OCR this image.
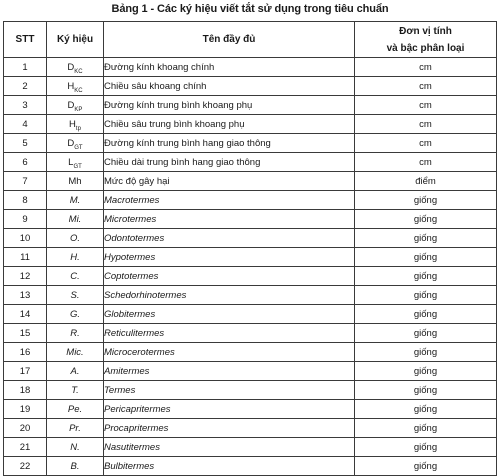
Bảng 1 - Các ký hiệu viết tắt sử dụng trong tiêu chuẩn
STT	Ký hiệu	Tên đầy đủ	Đơn vị tính
và bậc phân loại

1	$D_{KC}$	Đường kính khoang chính	cm
2	$H_{KC}$	Chiều sâu khoang chính	cm
3	$D_{KP}$	Đường kính trung bình khoang phụ	cm
4	$H_{tp}$	Chiều sâu trung bình khoang phụ	cm
5	$D_{GT}$	Đường kính trung bình hang giao thông	cm
6	$L_{GT}$	Chiều dài trung bình hang giao thông	cm
7	Mh	Mức độ gây hại	điểm
8	M.	Macrotermes	giống
9	Mi.	Microtermes	giống
10	O.	Odontotermes	giống
11	H.	Hypotermes	giống
12	C.	Coptotermes	giống
13	S.	Schedorhinotermes	giống
14	G.	Globitermes	giống
15	R.	Reticulitermes	giống
16	Mic.	Microcerotermes	giống
17	A.	Amitermes	giống
18	T.	Termes	giống
19	Pe.	Pericapritermes	giống
20	Pr.	Procapritermes	giống
21	N.	Nasutitermes	giống
22	B.	Bulbitermes	giống
